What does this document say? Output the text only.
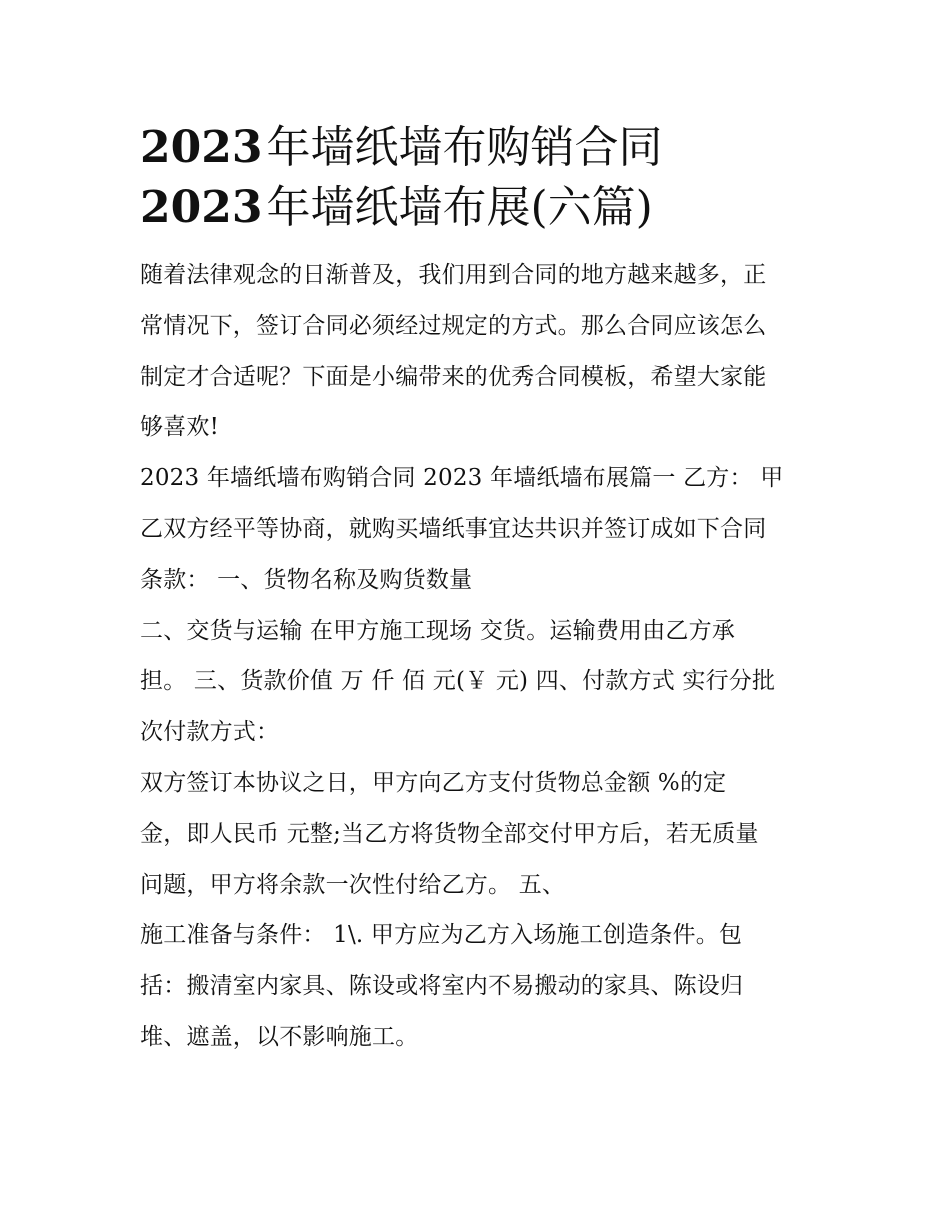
2023年墙纸墙布购销合同
2023年墙纸墙布展(六篇)

随着法律观念的日渐普及，我们用到合同的地方越来越多，正

常情况下，签订合同必须经过规定的方式。那么合同应该怎么

制定才合适呢？下面是小编带来的优秀合同模板，希望大家能

够喜欢!

2023 年墙纸墙布购销合同 2023 年墙纸墙布展篇一 乙方： 甲

乙双方经平等协商，就购买墙纸事宜达共识并签订成如下合同

条款： 一、货物名称及购货数量

二、交货与运输 在甲方施工现场 交货。运输费用由乙方承

担。 三、货款价值 万 仟 佰 元(￥ 元) 四、付款方式 实行分批

次付款方式：

双方签订本协议之日，甲方向乙方支付货物总金额 %的定

金，即人民币 元整;当乙方将货物全部交付甲方后，若无质量

问题，甲方将余款一次性付给乙方。 五、

施工准备与条件： 1\. 甲方应为乙方入场施工创造条件。包

括：搬清室内家具、陈设或将室内不易搬动的家具、陈设归

堆、遮盖，以不影响施工。
